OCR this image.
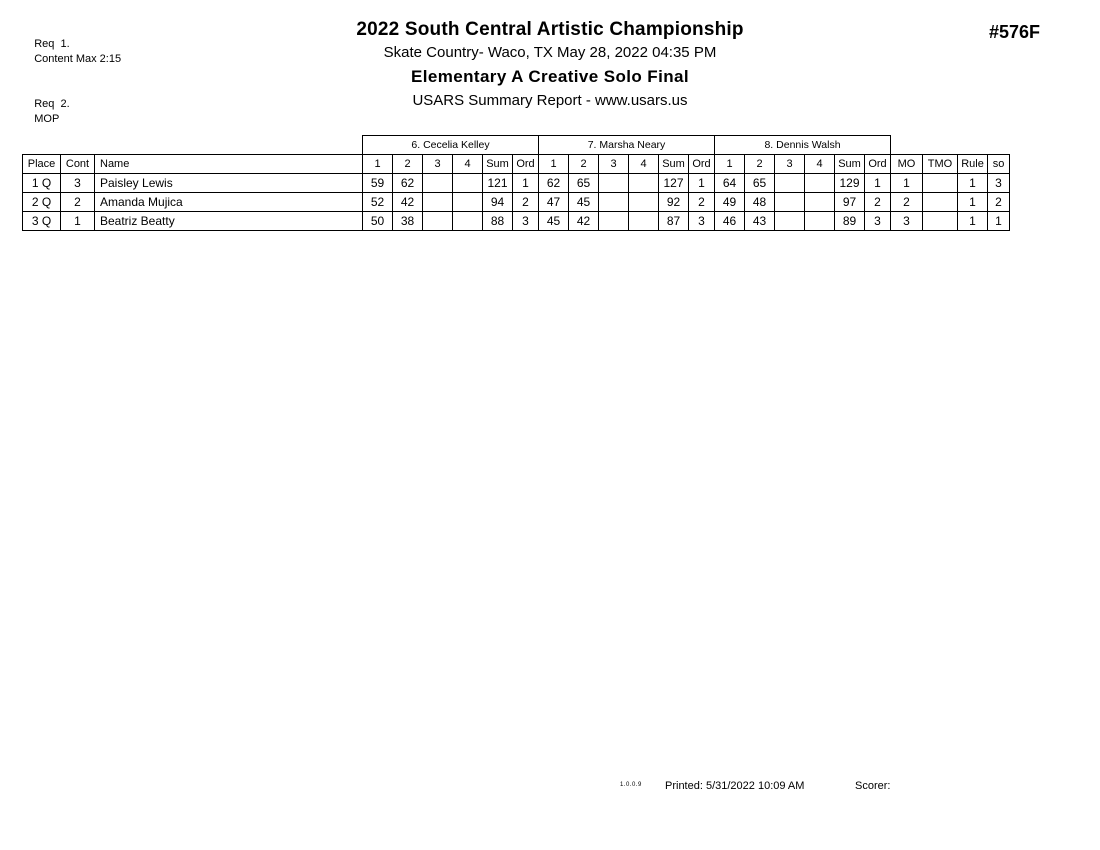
Req  1.
Content Max 2:15

Req  2.
MOP

2022 South Central Artistic Championship
Skate Country- Waco, TX May 28, 2022 04:35 PM
Elementary A Creative Solo Final
USARS Summary Report - www.usars.us
#576F
			6. Cecelia Kelley						7. Marsha Neary						8. Dennis Walsh									
Place	Cont	Name	1	2	3	4	Sum	Ord	1	2	3	4	Sum	Ord	1	2	3	4	Sum	Ord	MO	TMO	Rule	so
1 Q	3	Paisley Lewis	59	62			121	1	62	65			127	1	64	65			129	1	1		1	3
2 Q	2	Amanda Mujica	52	42			94	2	47	45			92	2	49	48			97	2	2		1	2
3 Q	1	Beatriz Beatty	50	38			88	3	45	42			87	3	46	43			89	3	3		1	1
1.0.0.9 Printed: 5/31/2022 10:09 AM	Scorer:
